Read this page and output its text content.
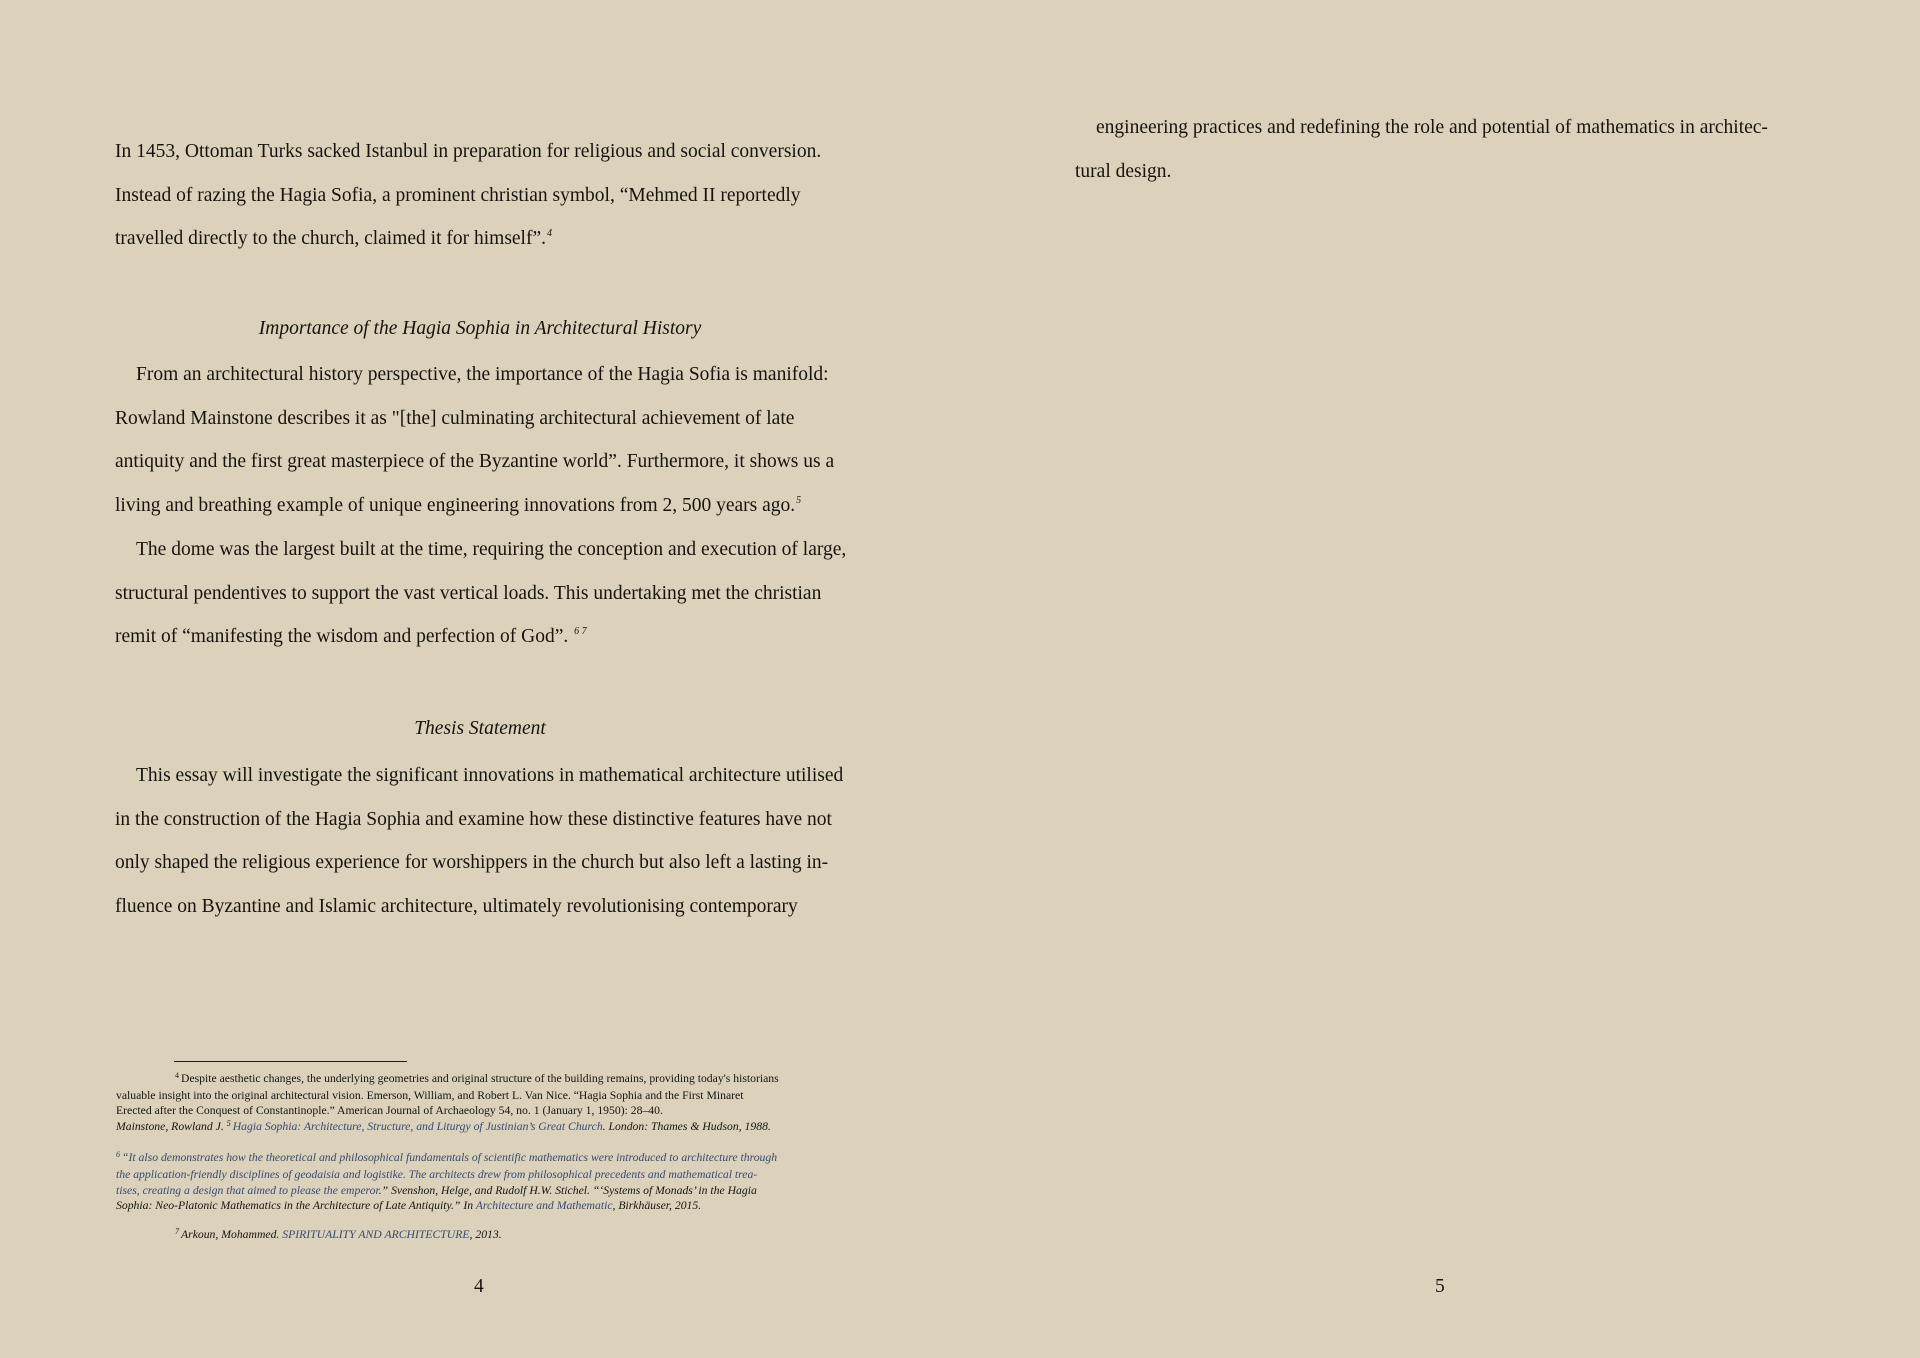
In 1453, Ottoman Turks sacked Istanbul in preparation for religious and social conversion.
Instead of razing the Hagia Sofia, a prominent christian symbol, “Mehmed II reportedly
travelled directly to the church, claimed it for himself”.$^4$

Importance of the Hagia Sophia in Architectural History

From an architectural history perspective, the importance of the Hagia Sofia is manifold:
Rowland Mainstone describes it as "[the] culminating architectural achievement of late
antiquity and the first great masterpiece of the Byzantine world”. Furthermore, it shows us a
living and breathing example of unique engineering innovations from 2, 500 years ago.$^5$
The dome was the largest built at the time, requiring the conception and execution of large,
structural pendentives to support the vast vertical loads. This undertaking met the christian
remit of “manifesting the wisdom and perfection of God”. $^{6 7}$

Thesis Statement

This essay will investigate the significant innovations in mathematical architecture utilised
in the construction of the Hagia Sophia and examine how these distinctive features have not
only shaped the religious experience for worshippers in the church but also left a lasting in-
fluence on Byzantine and Islamic architecture, ultimately revolutionising contemporary

$^4$ Despite aesthetic changes, the underlying geometries and original structure of the building remains, providing today's historians
valuable insight into the original architectural vision. Emerson, William, and Robert L. Van Nice. “Hagia Sophia and the First Minaret
Erected after the Conquest of Constantinople.” American Journal of Archaeology 54, no. 1 (January 1, 1950): 28–40.

Mainstone, Rowland J. $^5$ Hagia Sophia: Architecture, Structure, and Liturgy of Justinian’s Great Church. London: Thames & Hudson, 1988.

$^6$ “It also demonstrates how the theoretical and philosophical fundamentals of scientific mathematics were introduced to architecture through
the application-friendly disciplines of geodaisia and logistike. The architects drew from philosophical precedents and mathematical trea-
tises, creating a design that aimed to please the emperor.” Svenshon, Helge, and Rudolf H.W. Stichel. “‘Systems of Monads’ in the Hagia
Sophia: Neo-Platonic Mathematics in the Architecture of Late Antiquity.” In Architecture and Mathematic, Birkhäuser, 2015.

$^7$ Arkoun, Mohammed. SPIRITUALITY AND ARCHITECTURE, 2013.

4

engineering practices and redefining the role and potential of mathematics in architec-
tural design.

5
